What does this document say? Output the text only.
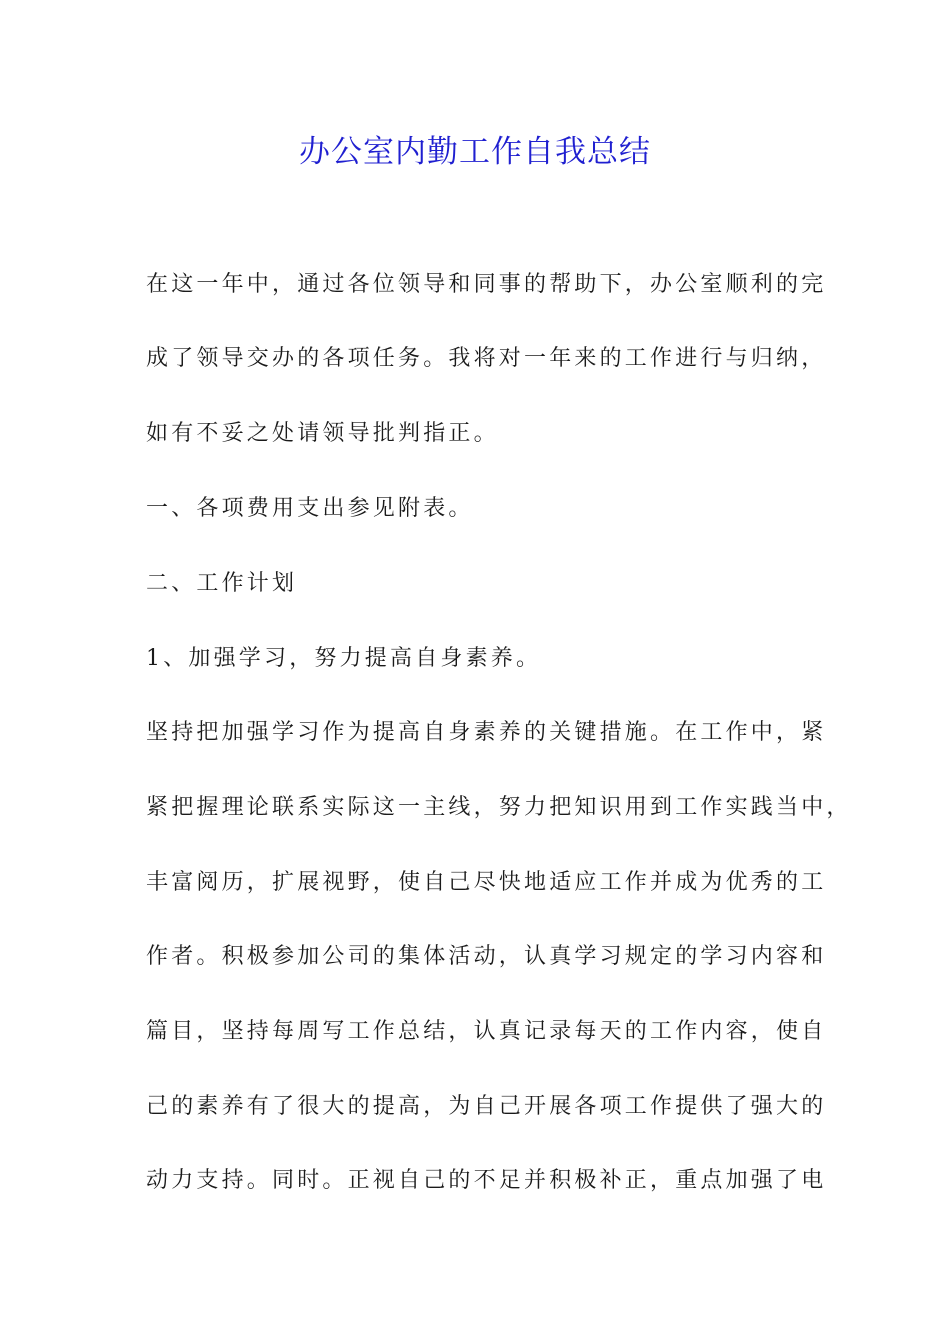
办公室内勤工作自我总结

在这一年中，通过各位领导和同事的帮助下，办公室顺利的完

成了领导交办的各项任务。我将对一年来的工作进行与归纳，

如有不妥之处请领导批判指正。

一、各项费用支出参见附表。

二、工作计划

1、加强学习，努力提高自身素养。

坚持把加强学习作为提高自身素养的关键措施。在工作中，紧

紧把握理论联系实际这一主线，努力把知识用到工作实践当中，

丰富阅历，扩展视野，使自己尽快地适应工作并成为优秀的工

作者。积极参加公司的集体活动，认真学习规定的学习内容和

篇目，坚持每周写工作总结，认真记录每天的工作内容，使自

己的素养有了很大的提高，为自己开展各项工作提供了强大的

动力支持。同时。正视自己的不足并积极补正，重点加强了电
